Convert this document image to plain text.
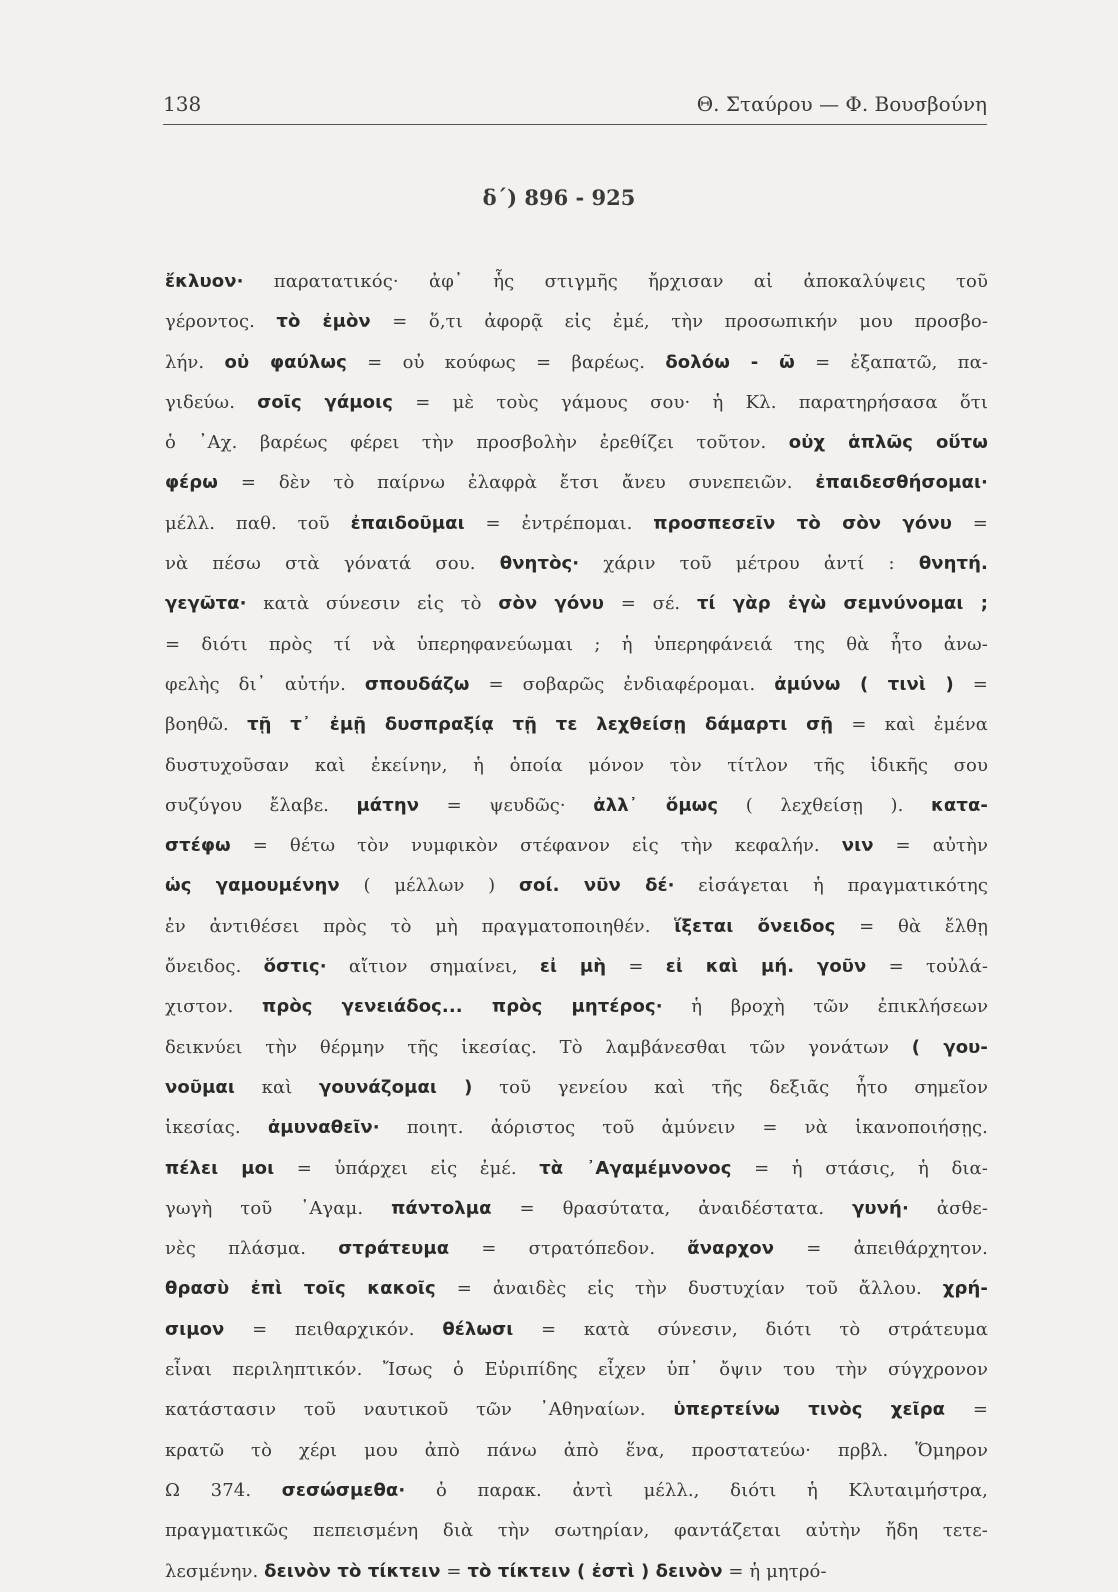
138	Θ. Σταύρου — Φ. Βουσβούνη
δ΄) 896 - 925
ἔκλυον· παρατατικός· ἀφ᾿ ἧς στιγμῆς ἤρχισαν αἱ ἀποκαλύψεις τοῦ
γέροντος. τὸ ἐμὸν = ὅ,τι ἀφορᾷ εἰς ἐμέ, τὴν προσωπικήν μου προσβο-
λήν. οὐ φαύλως = οὐ κούφως = βαρέως. δολόω - ῶ = ἐξαπατῶ, πα-
γιδεύω. σοῖς γάμοις = μὲ τοὺς γάμους σου· ἡ Κλ. παρατηρήσασα ὅτι
ὁ ᾿Αχ. βαρέως φέρει τὴν προσβολὴν ἐρεθίζει τοῦτον. οὐχ ἁπλῶς οὕτω
φέρω = δὲν τὸ παίρνω ἐλαφρὰ ἔτσι ἄνευ συνεπειῶν. ἐπαιδεσθήσομαι·
μέλλ. παθ. τοῦ ἐπαιδοῦμαι = ἐντρέπομαι. προσπεσεῖν τὸ σὸν γόνυ =
νὰ πέσω στὰ γόνατά σου. θνητὸς· χάριν τοῦ μέτρου ἀντί : θνητή.
γεγῶτα· κατὰ σύνεσιν εἰς τὸ σὸν γόνυ = σέ. τί γὰρ ἐγὼ σεμνύνομαι ;
= διότι πρὸς τί νὰ ὑπερηφανεύωμαι ; ἡ ὑπερηφάνειά της θὰ ἦτο ἀνω-
φελὴς δι᾿ αὐτήν. σπουδάζω = σοβαρῶς ἐνδιαφέρομαι. ἀμύνω ( τινὶ ) =
βοηθῶ. τῇ τ᾿ ἐμῇ δυσπραξίᾳ τῇ τε λεχθείσῃ δάμαρτι σῇ = καὶ ἐμένα
δυστυχοῦσαν καὶ ἐκείνην, ἡ ὁποία μόνον τὸν τίτλον τῆς ἰδικῆς σου
συζύγου ἔλαβε. μάτην = ψευδῶς· ἀλλ᾿ ὅμως ( λεχθείσῃ ). κατα-
στέφω = θέτω τὸν νυμφικὸν στέφανον εἰς τὴν κεφαλήν. νιν = αὐτὴν
ὡς γαμουμένην ( μέλλων ) σοί. νῦν δέ· εἰσάγεται ἡ πραγματικότης
ἐν ἀντιθέσει πρὸς τὸ μὴ πραγματοποιηθέν. ἵξεται ὄνειδος = θὰ ἔλθῃ
ὄνειδος. ὅστις· αἴτιον σημαίνει, εἰ μὴ = εἰ καὶ μή. γοῦν = τοὐλά-
χιστον. πρὸς γενειάδος... πρὸς μητέρος· ἡ βροχὴ τῶν ἐπικλήσεων
δεικνύει τὴν θέρμην τῆς ἱκεσίας. Τὸ λαμβάνεσθαι τῶν γονάτων ( γου-
νοῦμαι καὶ γουνάζομαι ) τοῦ γενείου καὶ τῆς δεξιᾶς ἦτο σημεῖον
ἱκεσίας. ἀμυναθεῖν· ποιητ. ἀόριστος τοῦ ἀμύνειν = νὰ ἱκανοποιήσῃς.
πέλει μοι = ὑπάρχει εἰς ἐμέ. τὰ ᾿Αγαμέμνονος = ἡ στάσις, ἡ δια-
γωγὴ τοῦ ᾿Αγαμ. πάντολμα = θρασύτατα, ἀναιδέστατα. γυνή· ἀσθε-
νὲς πλάσμα. στράτευμα = στρατόπεδον. ἄναρχον = ἀπειθάρχητον.
θρασὺ ἐπὶ τοῖς κακοῖς = ἀναιδὲς εἰς τὴν δυστυχίαν τοῦ ἄλλου. χρή-
σιμον = πειθαρχικόν. θέλωσι = κατὰ σύνεσιν, διότι τὸ στράτευμα
εἶναι περιληπτικόν. Ἴσως ὁ Εὐριπίδης εἶχεν ὑπ᾿ ὄψιν του τὴν σύγχρονον
κατάστασιν τοῦ ναυτικοῦ τῶν ᾿Αθηναίων. ὑπερτείνω τινὸς χεῖρα =
κρατῶ τὸ χέρι μου ἀπὸ πάνω ἀπὸ ἕνα, προστατεύω· πρβλ. Ὅμηρον
Ω 374. σεσώσμεθα· ὁ παρακ. ἀντὶ μέλλ., διότι ἡ Κλυταιμήστρα,
πραγματικῶς πεπεισμένη διὰ τὴν σωτηρίαν, φαντάζεται αὐτὴν ἤδη τετε-
λεσμένην. δεινὸν τὸ τίκτειν = τὸ τίκτειν ( ἐστὶ ) δεινὸν = ἡ μητρό-
